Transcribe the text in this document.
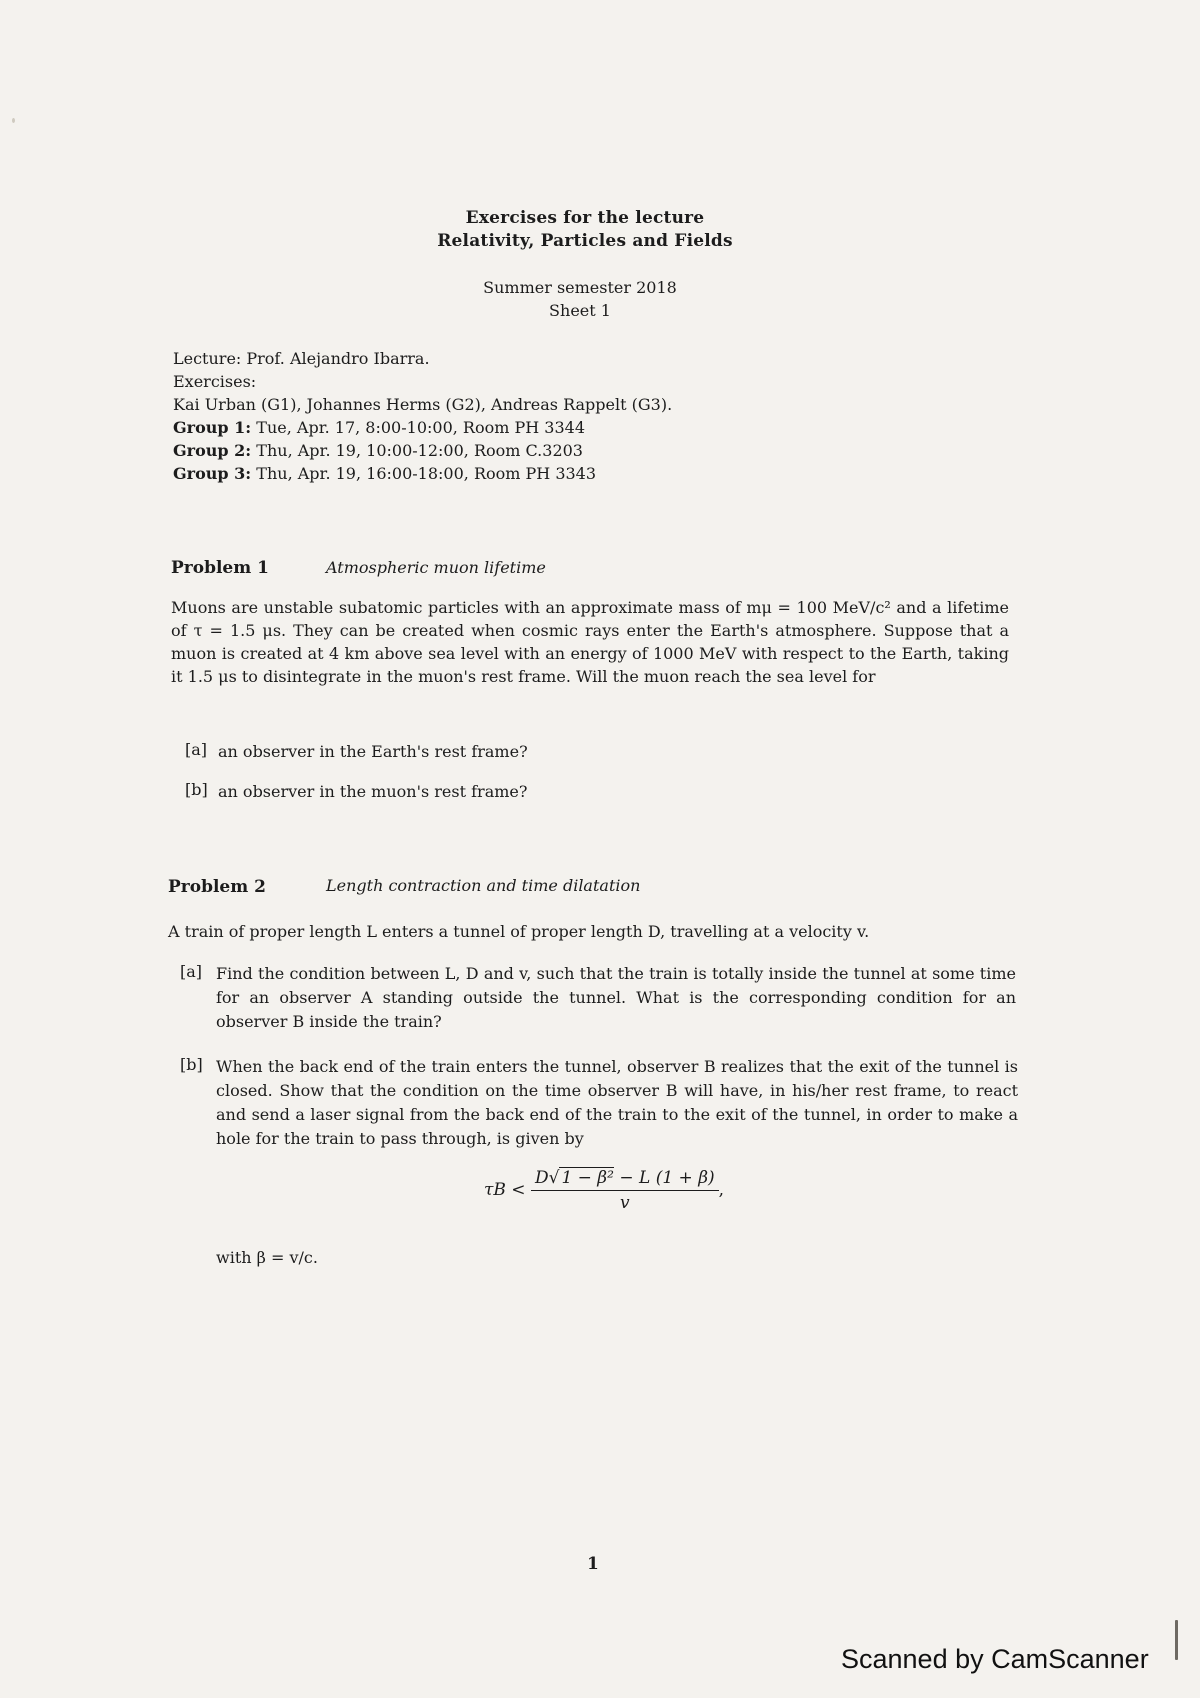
Exercises for the lecture
Relativity, Particles and Fields
Summer semester 2018
Sheet 1
Lecture: Prof. Alejandro Ibarra.
Exercises:
Kai Urban (G1), Johannes Herms (G2), Andreas Rappelt (G3).
Group 1: Tue, Apr. 17, 8:00-10:00, Room PH 3344
Group 2: Thu, Apr. 19, 10:00-12:00, Room C.3203
Group 3: Thu, Apr. 19, 16:00-18:00, Room PH 3343
Problem 1	Atmospheric muon lifetime
Muons are unstable subatomic particles with an approximate mass of mμ = 100 MeV/c² and a lifetime of τ = 1.5 μs. They can be created when cosmic rays enter the Earth's atmosphere. Suppose that a muon is created at 4 km above sea level with an energy of 1000 MeV with respect to the Earth, taking it 1.5 μs to disintegrate in the muon's rest frame. Will the muon reach the sea level for
[a] an observer in the Earth's rest frame?
[b] an observer in the muon's rest frame?
Problem 2	Length contraction and time dilatation
A train of proper length L enters a tunnel of proper length D, travelling at a velocity v.
[a] Find the condition between L, D and v, such that the train is totally inside the tunnel at some time for an observer A standing outside the tunnel. What is the corresponding condition for an observer B inside the train?
[b] When the back end of the train enters the tunnel, observer B realizes that the exit of the tunnel is closed. Show that the condition on the time observer B will have, in his/her rest frame, to react and send a laser signal from the back end of the train to the exit of the tunnel, in order to make a hole for the train to pass through, is given by
$\tau B < \frac{\text{D√ 1 − β² − L (1 + β)}}{v}$ ,
with β = v/c.
1
Scanned by CamScanner
